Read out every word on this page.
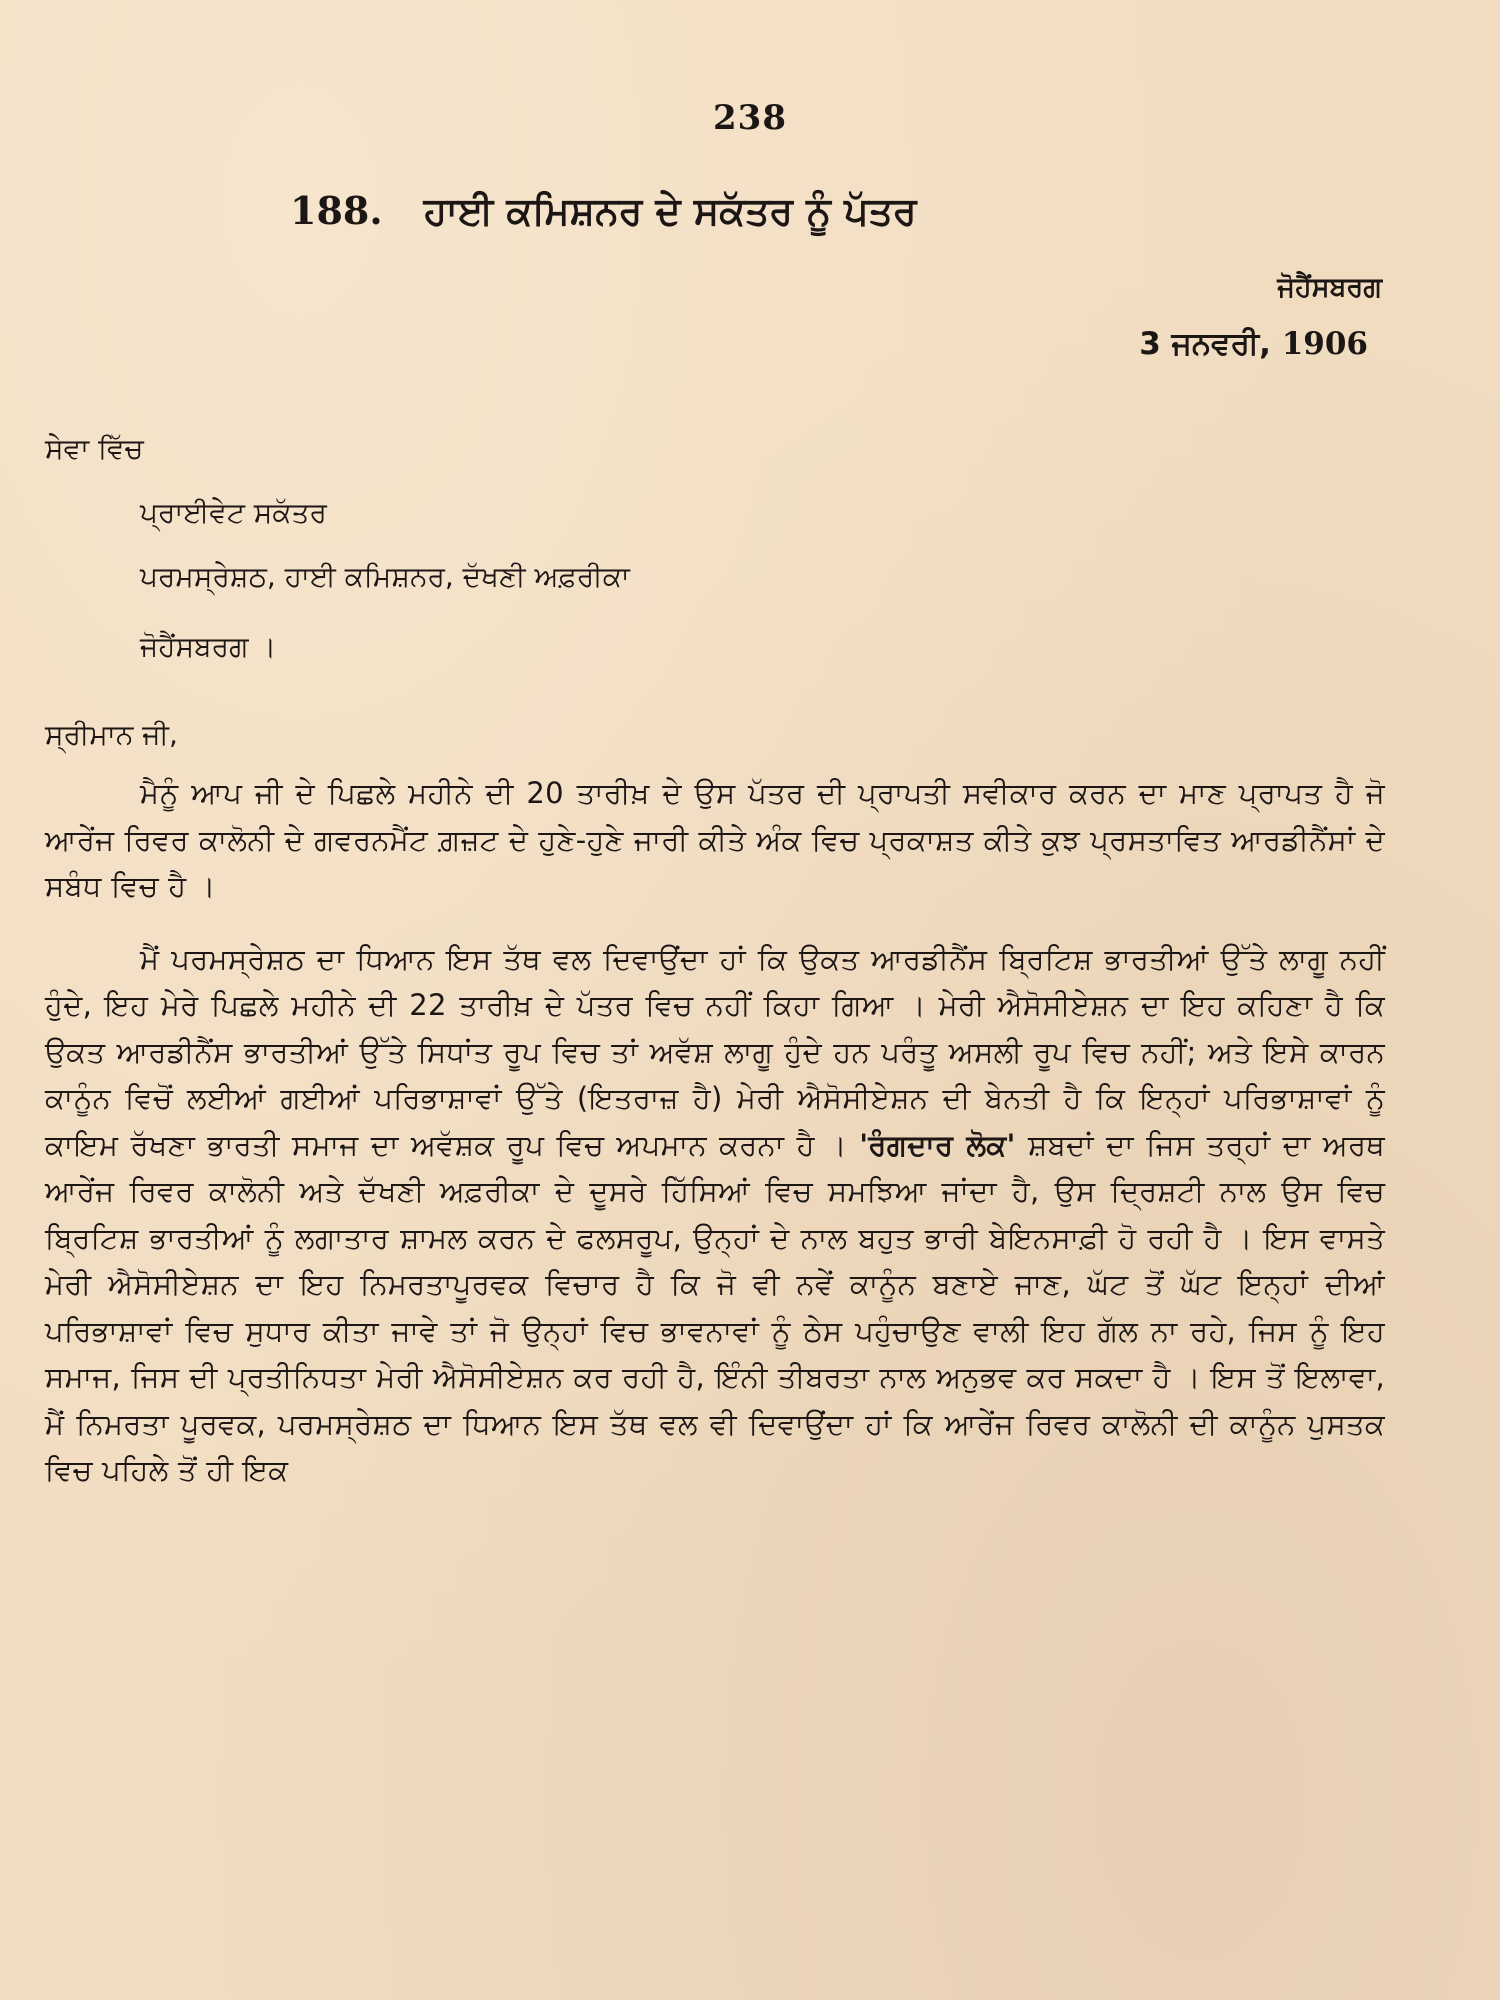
238
188. ਹਾਈ ਕਮਿਸ਼ਨਰ ਦੇ ਸਕੱਤਰ ਨੂੰ ਪੱਤਰ
ਜੋਹੈਂਸਬਰਗ
3 ਜਨਵਰੀ, 1906
ਸੇਵਾ ਵਿੱਚ
ਪ੍ਰਾਈਵੇਟ ਸਕੱਤਰ
ਪਰਮਸ੍ਰੇਸ਼ਠ, ਹਾਈ ਕਮਿਸ਼ਨਰ, ਦੱਖਣੀ ਅਫ਼ਰੀਕਾ
ਜੋਹੈਂਸਬਰਗ ।
ਸ੍ਰੀਮਾਨ ਜੀ,

ਮੈਨੂੰ ਆਪ ਜੀ ਦੇ ਪਿਛਲੇ ਮਹੀਨੇ ਦੀ 20 ਤਾਰੀਖ਼ ਦੇ ਉਸ ਪੱਤਰ ਦੀ ਪ੍ਰਾਪਤੀ ਸਵੀਕਾਰ ਕਰਨ ਦਾ ਮਾਣ ਪ੍ਰਾਪਤ ਹੈ ਜੋ ਆਰੇਂਜ ਰਿਵਰ ਕਾਲੋਨੀ ਦੇ ਗਵਰਨਮੈਂਟ ਗ਼ਜ਼ਟ ਦੇ ਹੁਣੇ-ਹੁਣੇ ਜਾਰੀ ਕੀਤੇ ਅੰਕ ਵਿਚ ਪ੍ਰਕਾਸ਼ਤ ਕੀਤੇ ਕੁਝ ਪ੍ਰਸਤਾਵਿਤ ਆਰਡੀਨੈਂਸਾਂ ਦੇ ਸਬੰਧ ਵਿਚ ਹੈ ।

ਮੈਂ ਪਰਮਸ੍ਰੇਸ਼ਠ ਦਾ ਧਿਆਨ ਇਸ ਤੱਥ ਵਲ ਦਿਵਾਉਂਦਾ ਹਾਂ ਕਿ ਉਕਤ ਆਰਡੀਨੈਂਸ ਬ੍ਰਿਟਿਸ਼ ਭਾਰਤੀਆਂ ਉੱਤੇ ਲਾਗੂ ਨਹੀਂ ਹੁੰਦੇ, ਇਹ ਮੇਰੇ ਪਿਛਲੇ ਮਹੀਨੇ ਦੀ 22 ਤਾਰੀਖ਼ ਦੇ ਪੱਤਰ ਵਿਚ ਨਹੀਂ ਕਿਹਾ ਗਿਆ । ਮੇਰੀ ਐਸੋਸੀਏਸ਼ਨ ਦਾ ਇਹ ਕਹਿਣਾ ਹੈ ਕਿ ਉਕਤ ਆਰਡੀਨੈਂਸ ਭਾਰਤੀਆਂ ਉੱਤੇ ਸਿਧਾਂਤ ਰੂਪ ਵਿਚ ਤਾਂ ਅਵੱਸ਼ ਲਾਗੂ ਹੁੰਦੇ ਹਨ ਪਰੰਤੂ ਅਸਲੀ ਰੂਪ ਵਿਚ ਨਹੀਂ; ਅਤੇ ਇਸੇ ਕਾਰਨ ਕਾਨੂੰਨ ਵਿਚੋਂ ਲਈਆਂ ਗਈਆਂ ਪਰਿਭਾਸ਼ਾਵਾਂ ਉੱਤੇ (ਇਤਰਾਜ਼ ਹੈ) ਮੇਰੀ ਐਸੋਸੀਏਸ਼ਨ ਦੀ ਬੇਨਤੀ ਹੈ ਕਿ ਇਨ੍ਹਾਂ ਪਰਿਭਾਸ਼ਾਵਾਂ ਨੂੰ ਕਾਇਮ ਰੱਖਣਾ ਭਾਰਤੀ ਸਮਾਜ ਦਾ ਅਵੱਸ਼ਕ ਰੂਪ ਵਿਚ ਅਪਮਾਨ ਕਰਨਾ ਹੈ । 'ਰੰਗਦਾਰ ਲੋਕ' ਸ਼ਬਦਾਂ ਦਾ ਜਿਸ ਤਰ੍ਹਾਂ ਦਾ ਅਰਥ ਆਰੇਂਜ ਰਿਵਰ ਕਾਲੋਨੀ ਅਤੇ ਦੱਖਣੀ ਅਫ਼ਰੀਕਾ ਦੇ ਦੂਸਰੇ ਹਿੱਸਿਆਂ ਵਿਚ ਸਮਝਿਆ ਜਾਂਦਾ ਹੈ, ਉਸ ਦ੍ਰਿਸ਼ਟੀ ਨਾਲ ਉਸ ਵਿਚ ਬ੍ਰਿਟਿਸ਼ ਭਾਰਤੀਆਂ ਨੂੰ ਲਗਾਤਾਰ ਸ਼ਾਮਲ ਕਰਨ ਦੇ ਫਲਸਰੂਪ, ਉਨ੍ਹਾਂ ਦੇ ਨਾਲ ਬਹੁਤ ਭਾਰੀ ਬੇਇਨਸਾਫ਼ੀ ਹੋ ਰਹੀ ਹੈ । ਇਸ ਵਾਸਤੇ ਮੇਰੀ ਐਸੋਸੀਏਸ਼ਨ ਦਾ ਇਹ ਨਿਮਰਤਾਪੂਰਵਕ ਵਿਚਾਰ ਹੈ ਕਿ ਜੋ ਵੀ ਨਵੇਂ ਕਾਨੂੰਨ ਬਣਾਏ ਜਾਣ, ਘੱਟ ਤੋਂ ਘੱਟ ਇਨ੍ਹਾਂ ਦੀਆਂ ਪਰਿਭਾਸ਼ਾਵਾਂ ਵਿਚ ਸੁਧਾਰ ਕੀਤਾ ਜਾਵੇ ਤਾਂ ਜੋ ਉਨ੍ਹਾਂ ਵਿਚ ਭਾਵਨਾਵਾਂ ਨੂੰ ਠੇਸ ਪਹੁੰਚਾਉਣ ਵਾਲੀ ਇਹ ਗੱਲ ਨਾ ਰਹੇ, ਜਿਸ ਨੂੰ ਇਹ ਸਮਾਜ, ਜਿਸ ਦੀ ਪ੍ਰਤੀਨਿਧਤਾ ਮੇਰੀ ਐਸੋਸੀਏਸ਼ਨ ਕਰ ਰਹੀ ਹੈ, ਇੰਨੀ ਤੀਬਰਤਾ ਨਾਲ ਅਨੁਭਵ ਕਰ ਸਕਦਾ ਹੈ । ਇਸ ਤੋਂ ਇਲਾਵਾ, ਮੈਂ ਨਿਮਰਤਾ ਪੂਰਵਕ, ਪਰਮਸ੍ਰੇਸ਼ਠ ਦਾ ਧਿਆਨ ਇਸ ਤੱਥ ਵਲ ਵੀ ਦਿਵਾਉਂਦਾ ਹਾਂ ਕਿ ਆਰੇਂਜ ਰਿਵਰ ਕਾਲੋਨੀ ਦੀ ਕਾਨੂੰਨ ਪੁਸਤਕ ਵਿਚ ਪਹਿਲੇ ਤੋਂ ਹੀ ਇਕ
